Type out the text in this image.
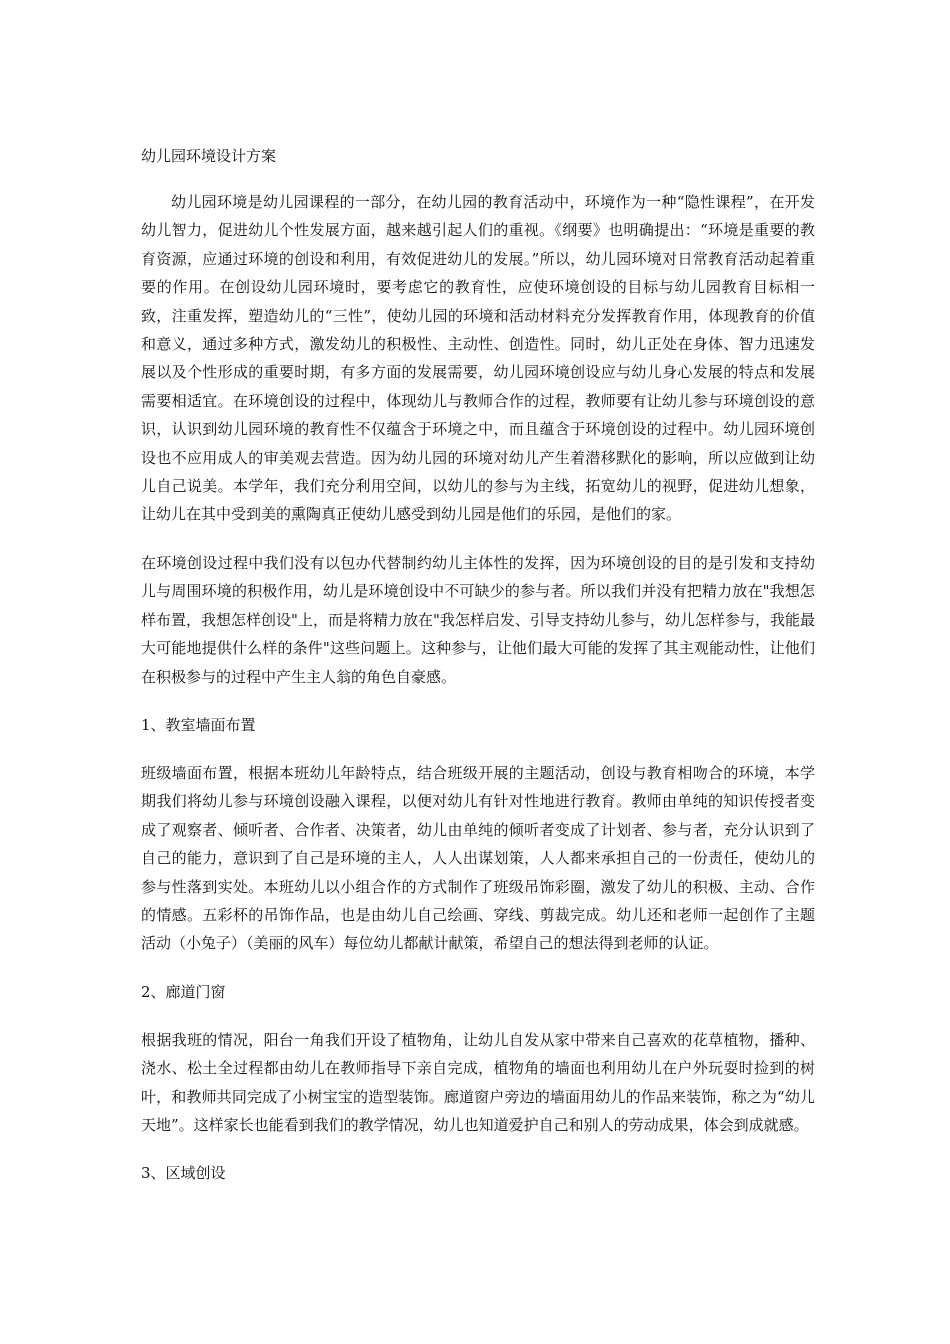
幼儿园环境设计方案

幼儿园环境是幼儿园课程的一部分，在幼儿园的教育活动中，环境作为一种“隐性课程”，在开发幼儿智力，促进幼儿个性发展方面，越来越引起人们的重视。《纲要》也明确提出：“环境是重要的教育资源，应通过环境的创设和利用，有效促进幼儿的发展。”所以，幼儿园环境对日常教育活动起着重要的作用。在创设幼儿园环境时，要考虑它的教育性，应使环境创设的目标与幼儿园教育目标相一致，注重发挥，塑造幼儿的“三性”，使幼儿园的环境和活动材料充分发挥教育作用，体现教育的价值和意义，通过多种方式，激发幼儿的积极性、主动性、创造性。同时，幼儿正处在身体、智力迅速发展以及个性形成的重要时期，有多方面的发展需要，幼儿园环境创设应与幼儿身心发展的特点和发展需要相适宜。在环境创设的过程中，体现幼儿与教师合作的过程，教师要有让幼儿参与环境创设的意识，认识到幼儿园环境的教育性不仅蕴含于环境之中，而且蕴含于环境创设的过程中。幼儿园环境创设也不应用成人的审美观去营造。因为幼儿园的环境对幼儿产生着潜移默化的影响，所以应做到让幼儿自己说美。本学年，我们充分利用空间，以幼儿的参与为主线，拓宽幼儿的视野，促进幼儿想象，让幼儿在其中受到美的熏陶真正使幼儿感受到幼儿园是他们的乐园，是他们的家。

在环境创设过程中我们没有以包办代替制约幼儿主体性的发挥，因为环境创设的目的是引发和支持幼儿与周围环境的积极作用，幼儿是环境创设中不可缺少的参与者。所以我们并没有把精力放在"我想怎样布置，我想怎样创设"上，而是将精力放在"我怎样启发、引导支持幼儿参与，幼儿怎样参与，我能最大可能地提供什么样的条件"这些问题上。这种参与，让他们最大可能的发挥了其主观能动性，让他们在积极参与的过程中产生主人翁的角色自豪感。

1、教室墙面布置

班级墙面布置，根据本班幼儿年龄特点，结合班级开展的主题活动，创设与教育相吻合的环境，本学期我们将幼儿参与环境创设融入课程，以便对幼儿有针对性地进行教育。教师由单纯的知识传授者变成了观察者、倾听者、合作者、决策者，幼儿由单纯的倾听者变成了计划者、参与者，充分认识到了自己的能力，意识到了自己是环境的主人，人人出谋划策，人人都来承担自己的一份责任，使幼儿的参与性落到实处。本班幼儿以小组合作的方式制作了班级吊饰彩圈，激发了幼儿的积极、主动、合作的情感。五彩杯的吊饰作品，也是由幼儿自己绘画、穿线、剪裁完成。幼儿还和老师一起创作了主题活动（小兔子）（美丽的风车）每位幼儿都献计献策，希望自己的想法得到老师的认证。

2、廊道门窗

根据我班的情况，阳台一角我们开设了植物角，让幼儿自发从家中带来自己喜欢的花草植物，播种、浇水、松土全过程都由幼儿在教师指导下亲自完成，植物角的墙面也利用幼儿在户外玩耍时捡到的树叶，和教师共同完成了小树宝宝的造型装饰。廊道窗户旁边的墙面用幼儿的作品来装饰，称之为“幼儿天地”。这样家长也能看到我们的教学情况，幼儿也知道爱护自己和别人的劳动成果，体会到成就感。

3、区域创设
